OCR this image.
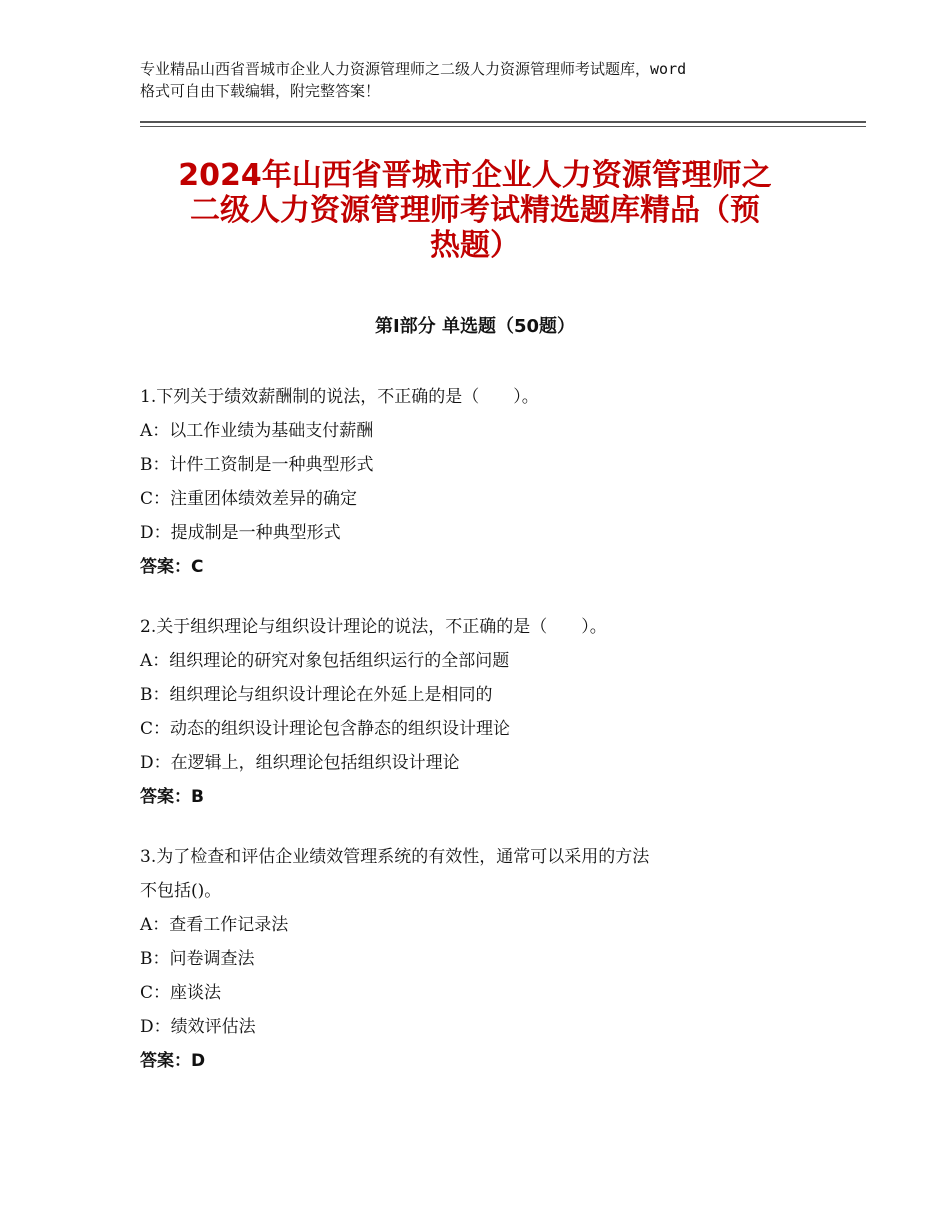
专业精品山西省晋城市企业人力资源管理师之二级人力资源管理师考试题库，word
格式可自由下载编辑，附完整答案！
2024年山西省晋城市企业人力资源管理师之
二级人力资源管理师考试精选题库精品（预
热题）
第Ⅰ部分 单选题（50题）
1.下列关于绩效薪酬制的说法，不正确的是（　　）。
A：以工作业绩为基础支付薪酬
B：计件工资制是一种典型形式
C：注重团体绩效差异的确定
D：提成制是一种典型形式
答案：C
2.关于组织理论与组织设计理论的说法，不正确的是（　　）。
A：组织理论的研究对象包括组织运行的全部问题
B：组织理论与组织设计理论在外延上是相同的
C：动态的组织设计理论包含静态的组织设计理论
D：在逻辑上，组织理论包括组织设计理论
答案：B
3.为了检查和评估企业绩效管理系统的有效性，通常可以采用的方法
不包括()。
A：查看工作记录法
B：问卷调查法
C：座谈法
D：绩效评估法
答案：D
